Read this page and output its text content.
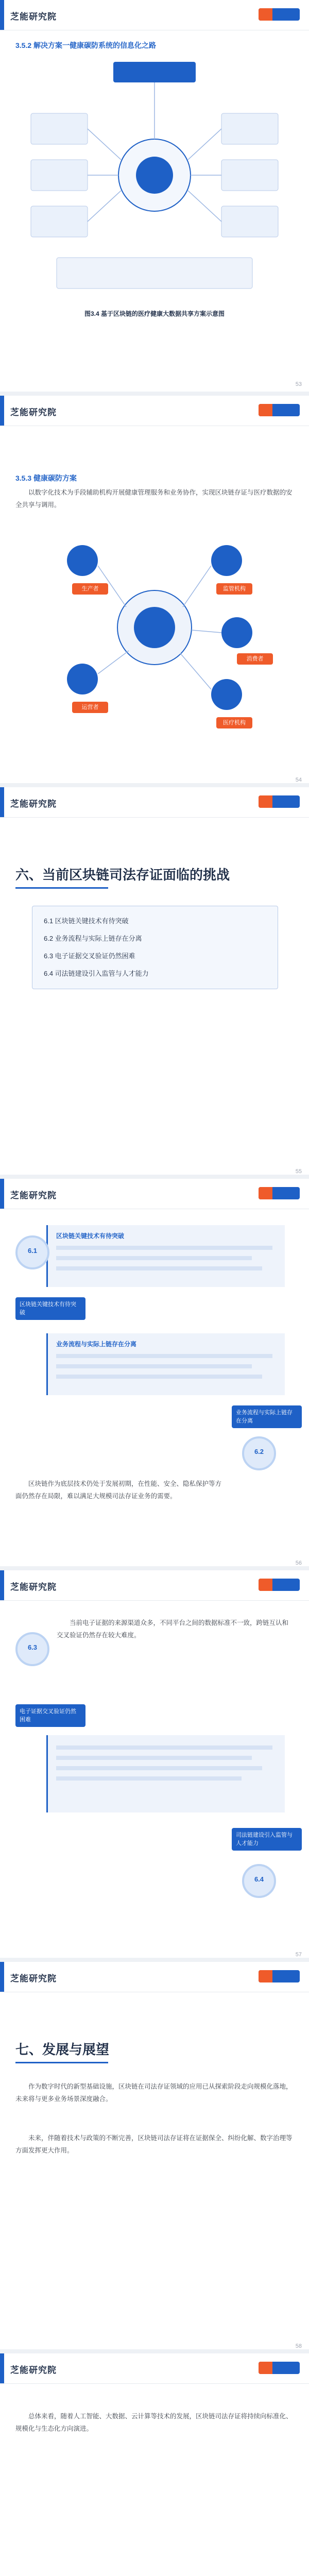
芝能研究院
3.5.2 解决方案一健康碳防系统的信息化之路
图3.4 基于区块链的医疗健康大数据共享方案示意图
53
芝能研究院
3.5.3 健康碳防方案
以数字化技术为手段辅助机构开展健康管理服务和业务协作，实现区块链存证与医疗数据的安全共享与调用。
生产者	监管机构
消费者
运营者
医疗机构
54
芝能研究院
六、当前区块链司法存证面临的挑战
6.1 区块链关键技术有待突破
6.2 业务流程与实际上链存在分离
6.3 电子证据交叉验证仍然困难
6.4 司法链建设引入监管与人才能力
55
芝能研究院
区块链关键技术有待突破
6.1
区块链关键技术有待突破
业务流程与实际上链存在分离
业务流程与实际上链存在分离
6.2
区块链作为底层技术仍处于发展初期，在性能、安全、隐私保护等方面仍然存在局限，难以满足大规模司法存证业务的需要。
56
芝能研究院
当前电子证据的来源渠道众多，不同平台之间的数据标准不一致，跨链互认和交叉验证仍然存在较大难度。
6.3
电子证据交叉验证仍然困难
司法链建设引入监管与人才能力
6.4
57
芝能研究院
七、发展与展望
作为数字时代的新型基础设施，区块链在司法存证领域的应用已从探索阶段走向规模化落地，未来将与更多业务场景深度融合。
未来，伴随着技术与政策的不断完善，区块链司法存证将在证据保全、纠纷化解、数字治理等方面发挥更大作用。
58
芝能研究院
总体来看，随着人工智能、大数据、云计算等技术的发展，区块链司法存证将持续向标准化、规模化与生态化方向演进。
